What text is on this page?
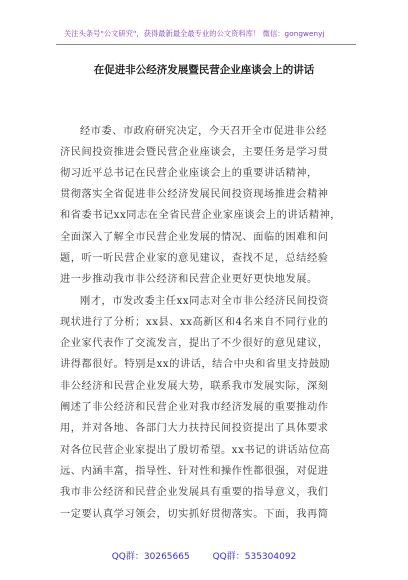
关注头条号"公文研究"，获得最新最全最专业的公文资料库！ 微信：gongwenyj
在促进非公经济发展暨民营企业座谈会上的讲话
经市委、市政府研究决定，今天召开全市促进非公经
济民间投资推进会暨民营企业座谈会，主要任务是学习贯
彻习近平总书记在民营企业座谈会上的重要讲话精神，
贯彻落实全省促进非公经济发展民间投资现场推进会精神
和省委书记xx同志在全省民营企业家座谈会上的讲话精神，
全面深入了解全市民营企业发展的情况、面临的困难和问
题，听一听民营企业家的意见建议，查找不足，总结经验
进一步推动我市非公经济和民营企业更好更快地发展。
刚才，市发改委主任xx同志对全市非公经济民间投资
现状进行了分析；xx县、xx高新区和4名来自不同行业的
企业家代表作了交流发言，提出了不少很好的意见建议，
讲得都很好。特别是xx的讲话，结合中央和省里支持鼓励
非公经济和民营企业发展大势，联系我市发展实际，深刻
阐述了非公经济和民营企业对我市经济发展的重要推动作
用，并对各地、各部门大力扶持民间投资提出了具体要求
对各位民营企业家提出了殷切希望。xx书记的讲话站位高
远、内涵丰富，指导性、针对性和操作性都很强，对促进
我市非公经济和民营企业发展具有重要的指导意义，我们
一定要认真学习领会，切实抓好贯彻落实。下面，我再简
QQ群：30265665	QQ群：535304092
